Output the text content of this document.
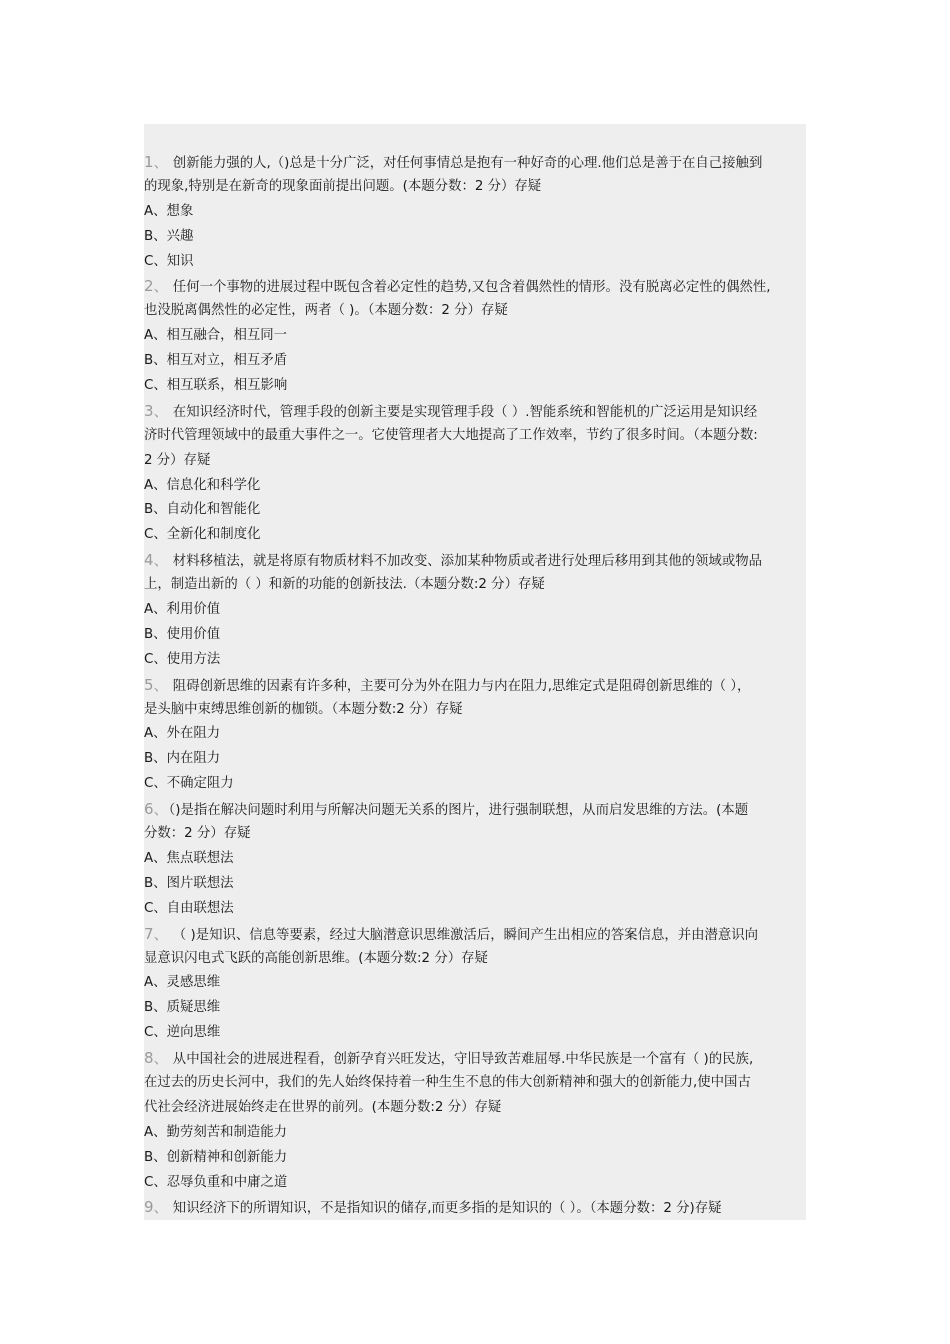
1、 创新能力强的人,（)总是十分广泛，对任何事情总是抱有一种好奇的心理.他们总是善于在自己接触到
的现象,特别是在新奇的现象面前提出问题。(本题分数：2 分）存疑
A、想象
B、兴趣
C、知识
2、 任何一个事物的进展过程中既包含着必定性的趋势,又包含着偶然性的情形。没有脱离必定性的偶然性,
也没脱离偶然性的必定性，两者（ )。（本题分数：2 分）存疑
A、相互融合，相互同一
B、相互对立，相互矛盾
C、相互联系，相互影响
3、 在知识经济时代，管理手段的创新主要是实现管理手段（ ）.智能系统和智能机的广泛运用是知识经
济时代管理领域中的最重大事件之一。它使管理者大大地提高了工作效率，节约了很多时间。（本题分数:
2 分）存疑
A、信息化和科学化
B、自动化和智能化
C、全新化和制度化
4、 材料移植法，就是将原有物质材料不加改变、添加某种物质或者进行处理后移用到其他的领域或物品
上，制造出新的（ ）和新的功能的创新技法.（本题分数:2 分）存疑
A、利用价值
B、使用价值
C、使用方法
5、 阻碍创新思维的因素有许多种，主要可分为外在阻力与内在阻力,思维定式是阻碍创新思维的（ ），
是头脑中束缚思维创新的枷锁。（本题分数:2 分）存疑
A、外在阻力
B、内在阻力
C、不确定阻力
6、（)是指在解决问题时利用与所解决问题无关系的图片，进行强制联想，从而启发思维的方法。(本题
分数：2 分）存疑
A、焦点联想法
B、图片联想法
C、自由联想法
7、 （ )是知识、信息等要素，经过大脑潜意识思维激活后，瞬间产生出相应的答案信息，并由潜意识向
显意识闪电式飞跃的高能创新思维。(本题分数:2 分）存疑
A、灵感思维
B、质疑思维
C、逆向思维
8、 从中国社会的进展进程看，创新孕育兴旺发达，守旧导致苦难屈辱.中华民族是一个富有（ )的民族,
在过去的历史长河中，我们的先人始终保持着一种生生不息的伟大创新精神和强大的创新能力,使中国古
代社会经济进展始终走在世界的前列。(本题分数:2 分）存疑
A、勤劳刻苦和制造能力
B、创新精神和创新能力
C、忍辱负重和中庸之道
9、 知识经济下的所谓知识，不是指知识的储存,而更多指的是知识的（ ）。（本题分数：2 分)存疑
